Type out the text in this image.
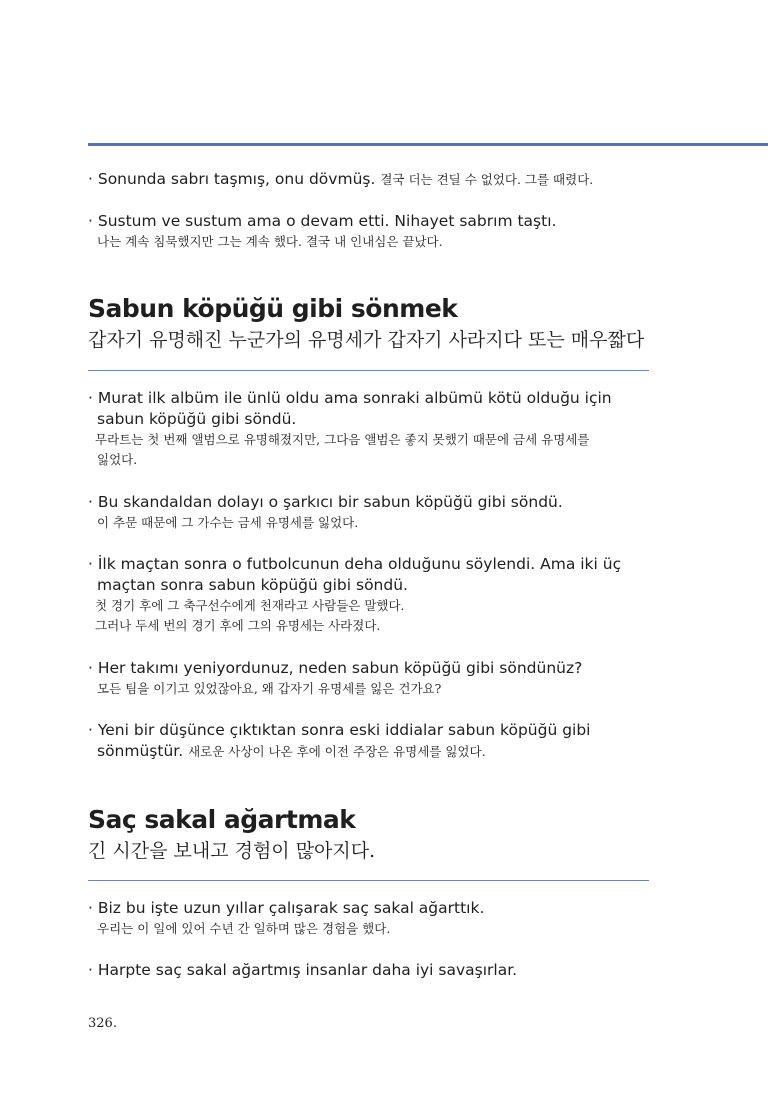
· Sonunda sabrı taşmış, onu dövmüş. 결국 더는 견딜 수 없었다. 그를 때렸다.
· Sustum ve sustum ama o devam etti. Nihayet sabrım taştı.
나는 계속 침묵했지만 그는 계속 했다. 결국 내 인내심은 끝났다.
Sabun köpüğü gibi sönmek
갑자기 유명해진 누군가의 유명세가 갑자기 사라지다 또는 매우짧다
· Murat ilk albüm ile ünlü oldu ama sonraki albümü kötü olduğu için
sabun köpüğü gibi söndü.
무라트는 첫 번째 앨범으로 유명해졌지만, 그다음 앨범은 좋지 못했기 때문에 금세 유명세를
잃었다.
· Bu skandaldan dolayı o şarkıcı bir sabun köpüğü gibi söndü.
이 추문 때문에 그 가수는 금세 유명세를 잃었다.
· İlk maçtan sonra o futbolcunun deha olduğunu söylendi. Ama iki üç
maçtan sonra sabun köpüğü gibi söndü.
첫 경기 후에 그 축구선수에게 천재라고 사람들은 말했다.
그러나 두세 번의 경기 후에 그의 유명세는 사라졌다.
· Her takımı yeniyordunuz, neden sabun köpüğü gibi söndünüz?
모든 팀을 이기고 있었잖아요, 왜 갑자기 유명세를 잃은 건가요?
· Yeni bir düşünce çıktıktan sonra eski iddialar sabun köpüğü gibi
sönmüştür. 새로운 사상이 나온 후에 이전 주장은 유명세를 잃었다.
Saç sakal ağartmak
긴 시간을 보내고 경험이 많아지다.
· Biz bu işte uzun yıllar çalışarak saç sakal ağarttık.
우리는 이 일에 있어 수년 간 일하며 많은 경험을 했다.
· Harpte saç sakal ağartmış insanlar daha iyi savaşırlar.
326.
